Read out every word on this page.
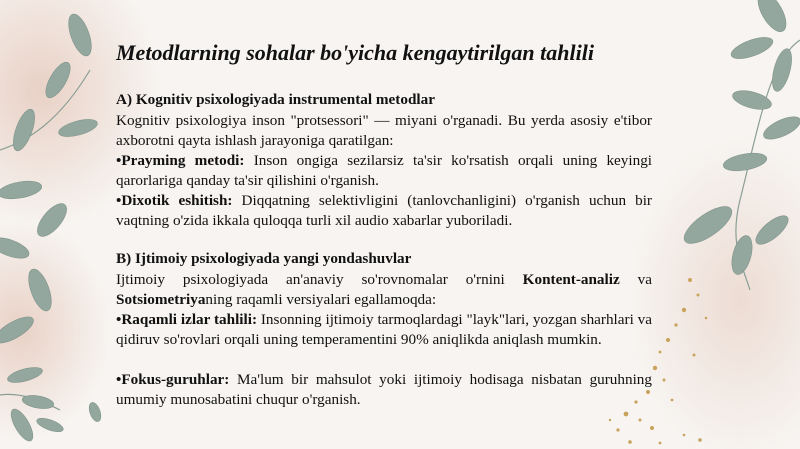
Metodlarning sohalar bo'yicha kengaytirilgan tahlili
A) Kognitiv psixologiyada instrumental metodlar
Kognitiv psixologiya inson "protsessori" — miyani o'rganadi. Bu yerda asosiy e'tibor axborotni qayta ishlash jarayoniga qaratilgan:
•Prayming metodi: Inson ongiga sezilarsiz ta'sir ko'rsatish orqali uning keyingi qarorlariga qanday ta'sir qilishini o'rganish.
•Dixotik eshitish: Diqqatning selektivligini (tanlovchanligini) o'rganish uchun bir vaqtning o'zida ikkala quloqqa turli xil audio xabarlar yuboriladi.
B) Ijtimoiy psixologiyada yangi yondashuvlar
Ijtimoiy psixologiyada an'anaviy so'rovnomalar o'rnini Kontent-analiz va Sotsiometriyaning raqamli versiyalari egallamoqda:
•Raqamli izlar tahlili: Insonning ijtimoiy tarmoqlardagi "layk"lari, yozgan sharhlari va qidiruv so'rovlari orqali uning temperamentini 90% aniqlikda aniqlash mumkin.
•Fokus-guruhlar: Ma'lum bir mahsulot yoki ijtimoiy hodisaga nisbatan guruhning umumiy munosabatini chuqur o'rganish.
